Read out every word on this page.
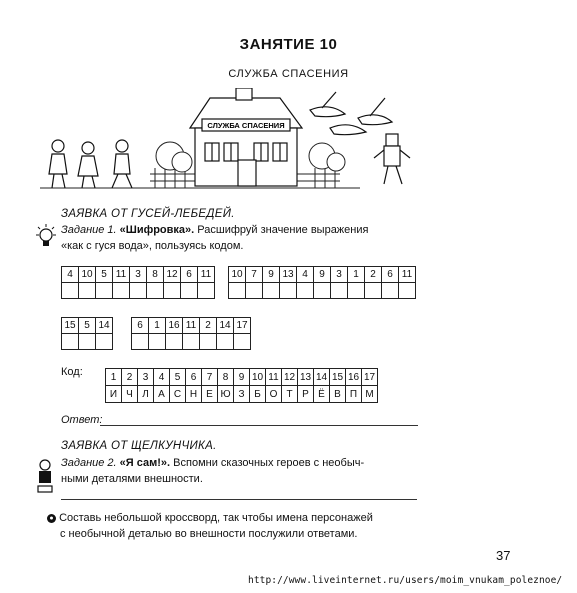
ЗАНЯТИЕ 10
СЛУЖБА СПАСЕНИЯ
СЛУЖБА СПАСЕНИЯ
ЗАЯВКА ОТ ГУСЕЙ-ЛЕБЕДЕЙ.
Задание 1. «Шифровка». Расшифруй значение выражения
«как с гуся вода», пользуясь кодом.
4	10	5	11	3	8	12	6	11
								10	7	9	13	4	9	3	1	2	6	11

15	5	14
			6	1	16	11	2	14	17

Код:	1	2	3	4	5	6	7	8	9	10	11	12	13	14	15	16	17
И	Ч	Л	А	С	Н	Е	Ю	З	Б	О	Т	Р	Ё	В	П	М
Ответ:
ЗАЯВКА ОТ ЩЕЛКУНЧИКА.
Задание 2. «Я сам!». Вспомни сказочных героев с необыч-
ными деталями внешности.
● Составь небольшой кроссворд, так чтобы имена персонажей
с необычной деталью во внешности послужили ответами.
37
http://www.liveinternet.ru/users/moim_vnukam_poleznoe/
